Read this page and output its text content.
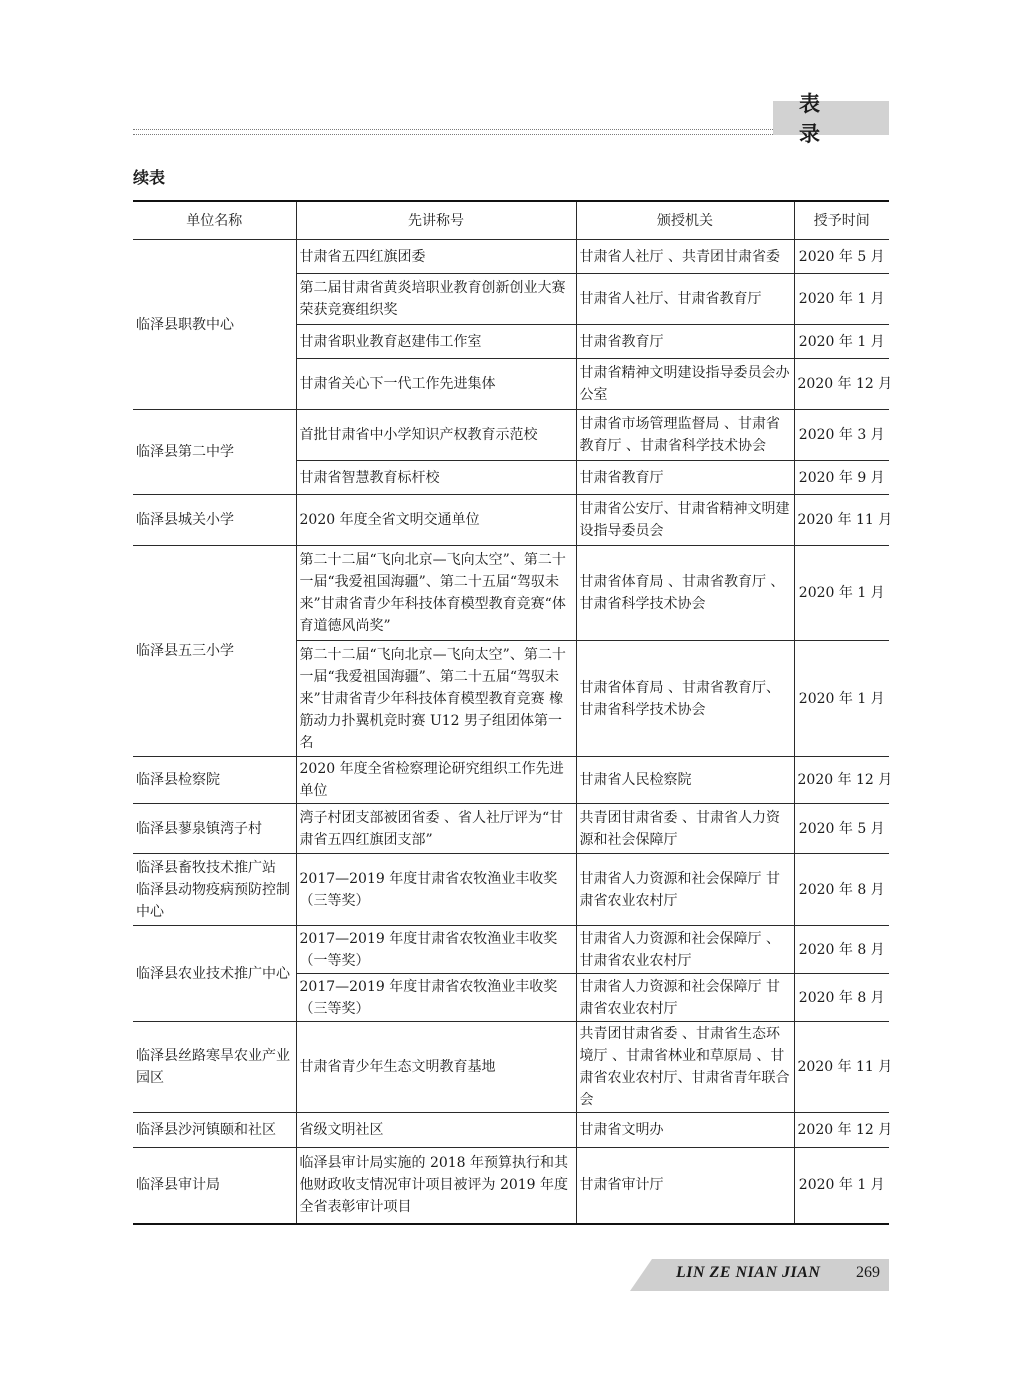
表 录
续表
单位名称	先讲称号	颁授机关	授予时间
临泽县职教中心	甘肃省五四红旗团委	甘肃省人社厅 、共青团甘肃省委	2020 年 5 月
	第二届甘肃省黄炎培职业教育创新创业大赛荣获竞赛组织奖	甘肃省人社厅、甘肃省教育厅	2020 年 1 月
	甘肃省职业教育赵建伟工作室	甘肃省教育厅	2020 年 1 月
	甘肃省关心下一代工作先进集体	甘肃省精神文明建设指导委员会办公室	2020 年 12 月
临泽县第二中学	首批甘肃省中小学知识产权教育示范校	甘肃省市场管理监督局 、甘肃省教育厅 、甘肃省科学技术协会	2020 年 3 月
	甘肃省智慧教育标杆校	甘肃省教育厅	2020 年 9 月
临泽县城关小学	2020 年度全省文明交通单位	甘肃省公安厅、甘肃省精神文明建设指导委员会	2020 年 11 月
临泽县五三小学	第二十二届“飞向北京—飞向太空”、第二十一届“我爱祖国海疆”、第二十五届“驾驭未来”甘肃省青少年科技体育模型教育竞赛“体育道德风尚奖”	甘肃省体育局 、甘肃省教育厅 、甘肃省科学技术协会	2020 年 1 月
	第二十二届“飞向北京—飞向太空”、第二十一届“我爱祖国海疆”、第二十五届“驾驭未来”甘肃省青少年科技体育模型教育竞赛 橡筋动力扑翼机竞时赛 U12 男子组团体第一名	甘肃省体育局 、甘肃省教育厅、甘肃省科学技术协会	2020 年 1 月
临泽县检察院	2020 年度全省检察理论研究组织工作先进单位	甘肃省人民检察院	2020 年 12 月
临泽县蓼泉镇湾子村	湾子村团支部被团省委 、省人社厅评为“甘肃省五四红旗团支部”	共青团甘肃省委 、甘肃省人力资源和社会保障厅	2020 年 5 月
临泽县畜牧技术推广站 临泽县动物疫病预防控制中心	2017—2019 年度甘肃省农牧渔业丰收奖（三等奖）	甘肃省人力资源和社会保障厅 甘肃省农业农村厅	2020 年 8 月
临泽县农业技术推广中心	2017—2019 年度甘肃省农牧渔业丰收奖（一等奖）	甘肃省人力资源和社会保障厅 、甘肃省农业农村厅	2020 年 8 月
	2017—2019 年度甘肃省农牧渔业丰收奖（三等奖）	甘肃省人力资源和社会保障厅 甘肃省农业农村厅	2020 年 8 月
临泽县丝路寒旱农业产业园区	甘肃省青少年生态文明教育基地	共青团甘肃省委 、甘肃省生态环境厅 、甘肃省林业和草原局 、甘肃省农业农村厅、甘肃省青年联合会	2020 年 11 月
临泽县沙河镇颐和社区	省级文明社区	甘肃省文明办	2020 年 12 月
临泽县审计局	临泽县审计局实施的 2018 年预算执行和其他财政收支情况审计项目被评为 2019 年度全省表彰审计项目	甘肃省审计厅	2020 年 1 月
LIN ZE NIAN JIAN 269
